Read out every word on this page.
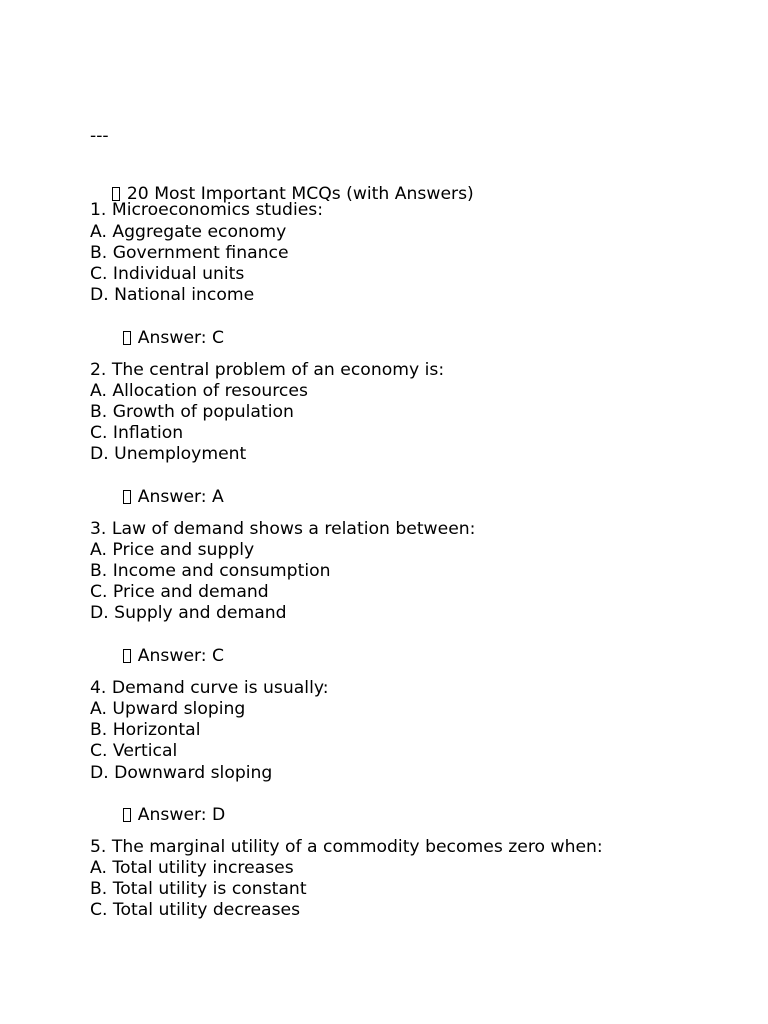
---

20 Most Important MCQs (with Answers)

1. Microeconomics studies:
A. Aggregate economy
B. Government finance
C. Individual units
D. National income

Answer: C

2. The central problem of an economy is:
A. Allocation of resources
B. Growth of population
C. Inflation
D. Unemployment

Answer: A

3. Law of demand shows a relation between:
A. Price and supply
B. Income and consumption
C. Price and demand
D. Supply and demand

Answer: C

4. Demand curve is usually:
A. Upward sloping
B. Horizontal
C. Vertical
D. Downward sloping

Answer: D

5. The marginal utility of a commodity becomes zero when:
A. Total utility increases
B. Total utility is constant
C. Total utility decreases
